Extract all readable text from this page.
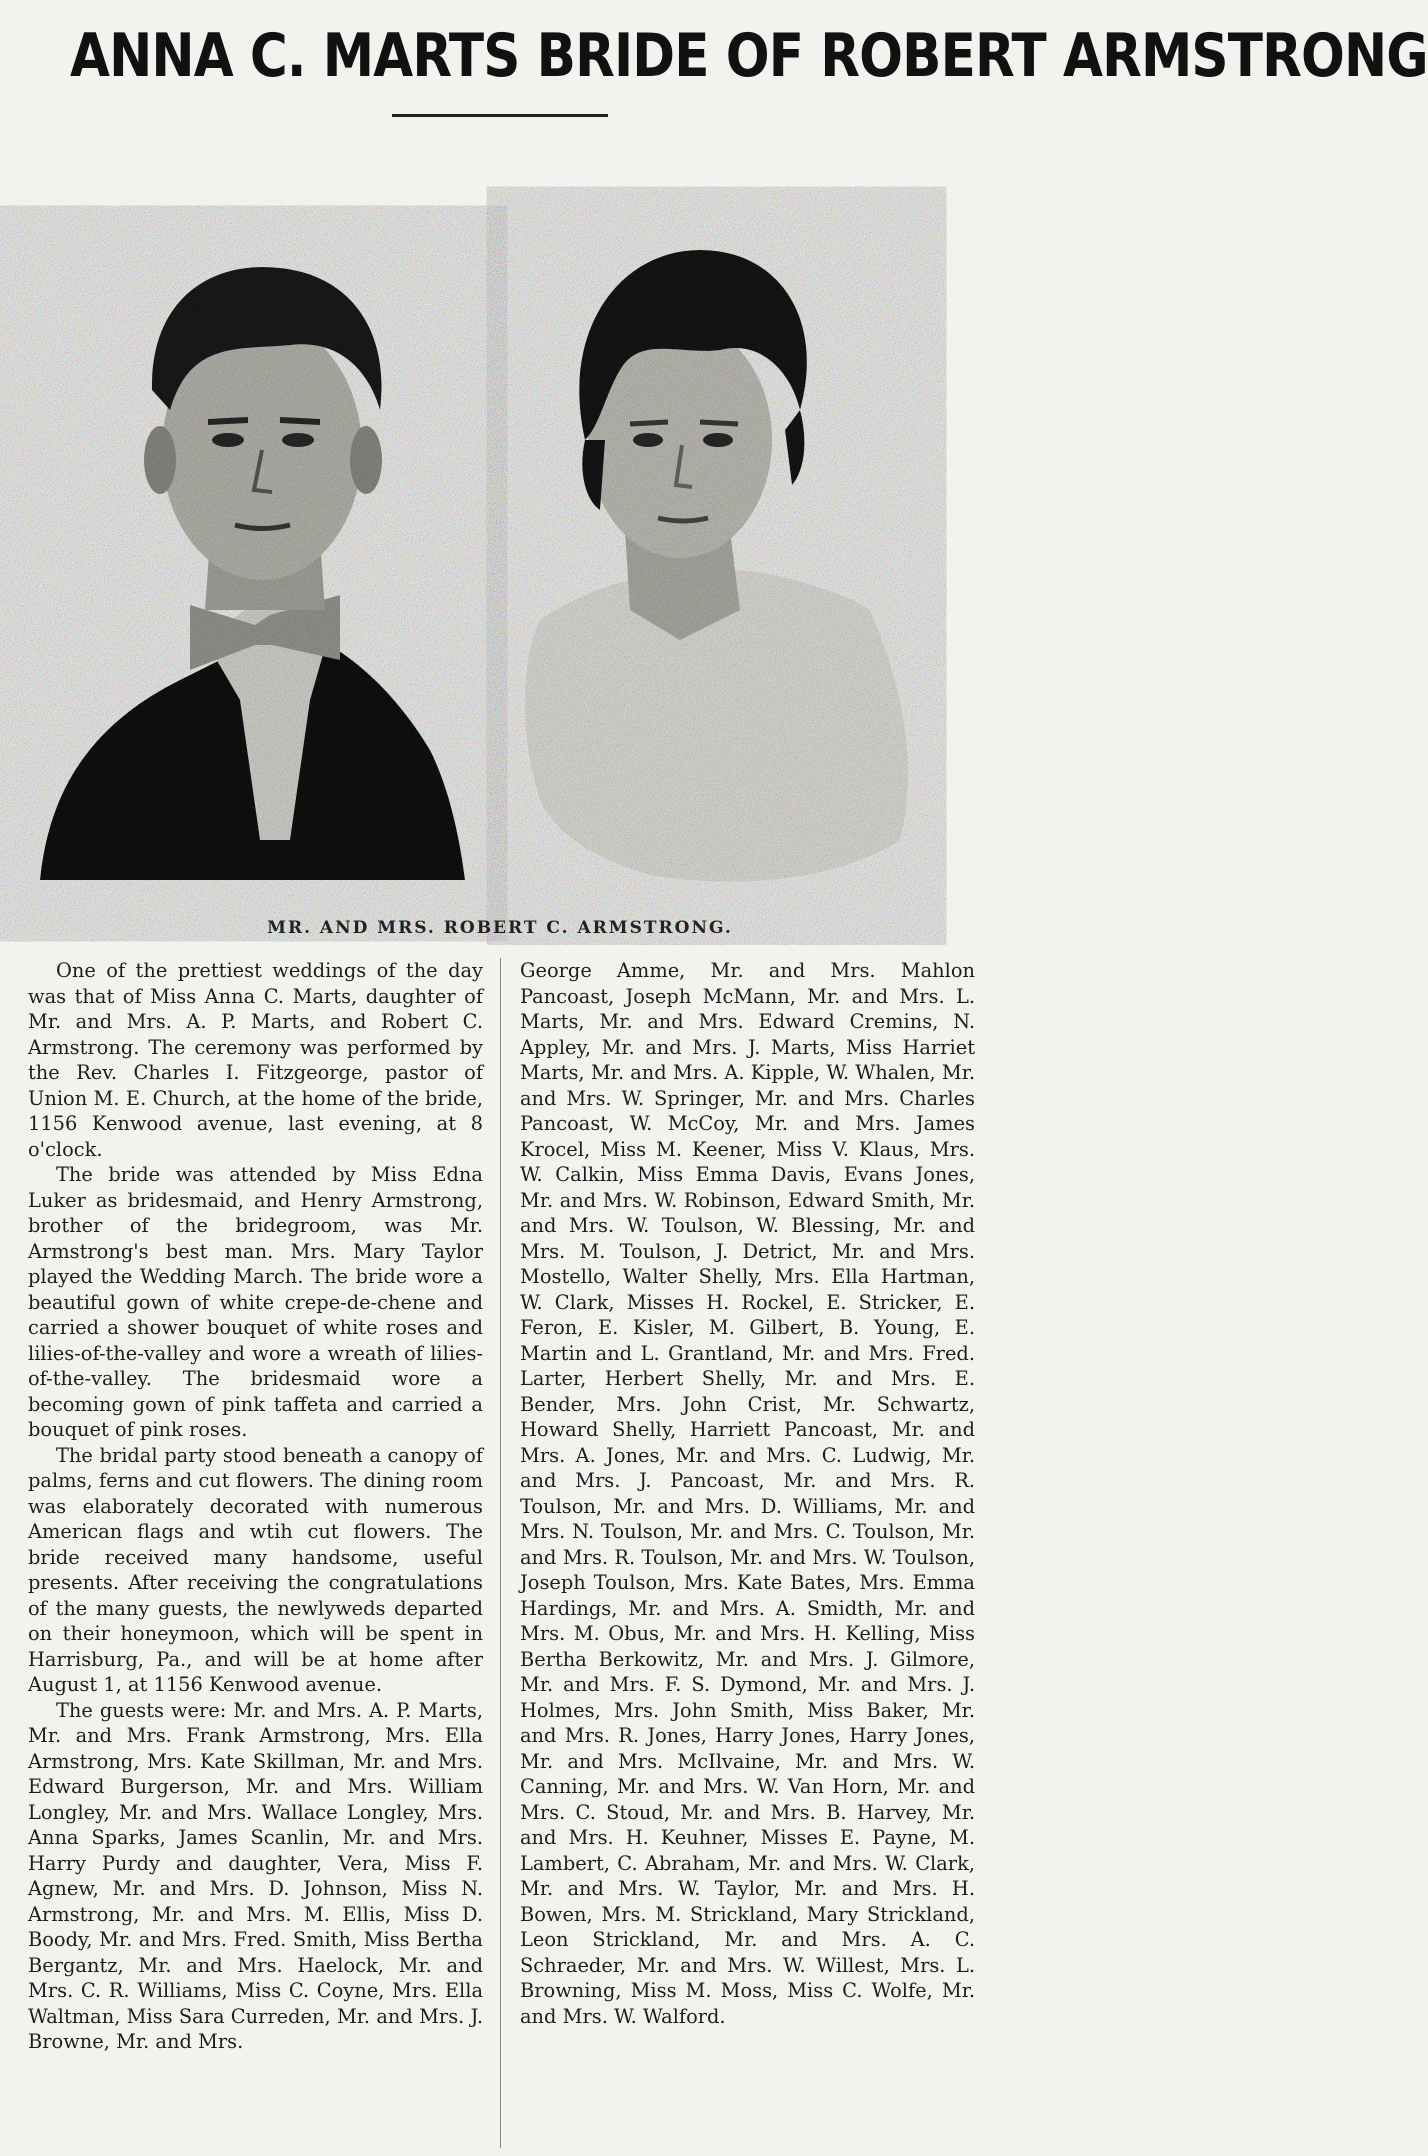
ANNA C. MARTS BRIDE OF ROBERT ARMSTRONG
MR. AND MRS. ROBERT C. ARMSTRONG.

One of the prettiest weddings of the day was that of Miss Anna C. Marts, daughter of Mr. and Mrs. A. P. Marts, and Robert C. Armstrong. The ceremony was performed by the Rev. Charles I. Fitzgeorge, pastor of Union M. E. Church, at the home of the bride, 1156 Kenwood avenue, last evening, at 8 o'clock.

The bride was attended by Miss Edna Luker as bridesmaid, and Henry Armstrong, brother of the bridegroom, was Mr. Armstrong's best man. Mrs. Mary Taylor played the Wedding March. The bride wore a beautiful gown of white crepe-de-chene and carried a shower bouquet of white roses and lilies-of-the-valley and wore a wreath of lilies-of-the-valley. The bridesmaid wore a becoming gown of pink taffeta and carried a bouquet of pink roses.

The bridal party stood beneath a canopy of palms, ferns and cut flowers. The dining room was elaborately decorated with numerous American flags and wtih cut flowers. The bride received many handsome, useful presents. After receiving the congratulations of the many guests, the newlyweds departed on their honeymoon, which will be spent in Harrisburg, Pa., and will be at home after August 1, at 1156 Kenwood avenue.

The guests were: Mr. and Mrs. A. P. Marts, Mr. and Mrs. Frank Armstrong, Mrs. Ella Armstrong, Mrs. Kate Skillman, Mr. and Mrs. Edward Burgerson, Mr. and Mrs. William Longley, Mr. and Mrs. Wallace Longley, Mrs. Anna Sparks, James Scanlin, Mr. and Mrs. Harry Purdy and daughter, Vera, Miss F. Agnew, Mr. and Mrs. D. Johnson, Miss N. Armstrong, Mr. and Mrs. M. Ellis, Miss D. Boody, Mr. and Mrs. Fred. Smith, Miss Bertha Bergantz, Mr. and Mrs. Haelock, Mr. and Mrs. C. R. Williams, Miss C. Coyne, Mrs. Ella Waltman, Miss Sara Curreden, Mr. and Mrs. J. Browne, Mr. and Mrs.

George Amme, Mr. and Mrs. Mahlon Pancoast, Joseph McMann, Mr. and Mrs. L. Marts, Mr. and Mrs. Edward Cremins, N. Appley, Mr. and Mrs. J. Marts, Miss Harriet Marts, Mr. and Mrs. A. Kipple, W. Whalen, Mr. and Mrs. W. Springer, Mr. and Mrs. Charles Pancoast, W. McCoy, Mr. and Mrs. James Krocel, Miss M. Keener, Miss V. Klaus, Mrs. W. Calkin, Miss Emma Davis, Evans Jones, Mr. and Mrs. W. Robinson, Edward Smith, Mr. and Mrs. W. Toulson, W. Blessing, Mr. and Mrs. M. Toulson, J. Detrict, Mr. and Mrs. Mostello, Walter Shelly, Mrs. Ella Hartman, W. Clark, Misses H. Rockel, E. Stricker, E. Feron, E. Kisler, M. Gilbert, B. Young, E. Martin and L. Grantland, Mr. and Mrs. Fred. Larter, Herbert Shelly, Mr. and Mrs. E. Bender, Mrs. John Crist, Mr. Schwartz, Howard Shelly, Harriett Pancoast, Mr. and Mrs. A. Jones, Mr. and Mrs. C. Ludwig, Mr. and Mrs. J. Pancoast, Mr. and Mrs. R. Toulson, Mr. and Mrs. D. Williams, Mr. and Mrs. N. Toulson, Mr. and Mrs. C. Toulson, Mr. and Mrs. R. Toulson, Mr. and Mrs. W. Toulson, Joseph Toulson, Mrs. Kate Bates, Mrs. Emma Hardings, Mr. and Mrs. A. Smidth, Mr. and Mrs. M. Obus, Mr. and Mrs. H. Kelling, Miss Bertha Berkowitz, Mr. and Mrs. J. Gilmore, Mr. and Mrs. F. S. Dymond, Mr. and Mrs. J. Holmes, Mrs. John Smith, Miss Baker, Mr. and Mrs. R. Jones, Harry Jones, Harry Jones, Mr. and Mrs. McIlvaine, Mr. and Mrs. W. Canning, Mr. and Mrs. W. Van Horn, Mr. and Mrs. C. Stoud, Mr. and Mrs. B. Harvey, Mr. and Mrs. H. Keuhner, Misses E. Payne, M. Lambert, C. Abraham, Mr. and Mrs. W. Clark, Mr. and Mrs. W. Taylor, Mr. and Mrs. H. Bowen, Mrs. M. Strickland, Mary Strickland, Leon Strickland, Mr. and Mrs. A. C. Schraeder, Mr. and Mrs. W. Willest, Mrs. L. Browning, Miss M. Moss, Miss C. Wolfe, Mr. and Mrs. W. Walford.
